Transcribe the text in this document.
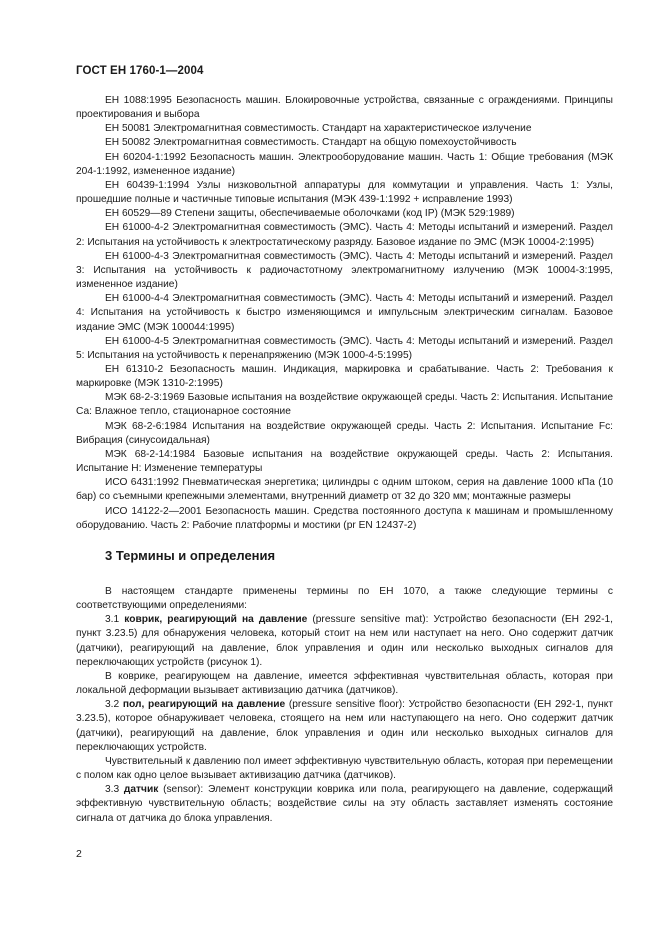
ГОСТ ЕН 1760-1—2004

ЕН 1088:1995 Безопасность машин. Блокировочные устройства, связанные с ограждениями. Принципы проектирования и выбора

ЕН 50081 Электромагнитная совместимость. Стандарт на характеристическое излучение

ЕН 50082 Электромагнитная совместимость. Стандарт на общую помехоустойчивость

ЕН 60204-1:1992 Безопасность машин. Электрооборудование машин. Часть 1: Общие требования (МЭК 204-1:1992, измененное издание)

ЕН 60439-1:1994 Узлы низковольтной аппаратуры для коммутации и управления. Часть 1: Узлы, прошедшие полные и частичные типовые испытания (МЭК 439-1:1992 + исправление 1993)

ЕН 60529—89 Степени защиты, обеспечиваемые оболочками (код IP) (МЭК 529:1989)

ЕН 61000-4-2 Электромагнитная совместимость (ЭМС). Часть 4: Методы испытаний и измерений. Раздел 2: Испытания на устойчивость к электростатическому разряду. Базовое издание по ЭМС (МЭК 10004-2:1995)

ЕН 61000-4-3 Электромагнитная совместимость (ЭМС). Часть 4: Методы испытаний и измерений. Раздел 3: Испытания на устойчивость к радиочастотному электромагнитному излучению (МЭК 10004-3:1995, измененное издание)

ЕН 61000-4-4 Электромагнитная совместимость (ЭМС). Часть 4: Методы испытаний и измерений. Раздел 4: Испытания на устойчивость к быстро изменяющимся и импульсным электрическим сигналам. Базовое издание ЭМС (МЭК 100044:1995)

ЕН 61000-4-5 Электромагнитная совместимость (ЭМС). Часть 4: Методы испытаний и измерений. Раздел 5: Испытания на устойчивость к перенапряжению (МЭК 1000-4-5:1995)

ЕН 61310-2 Безопасность машин. Индикация, маркировка и срабатывание. Часть 2: Требования к маркировке (МЭК 1310-2:1995)

МЭК 68-2-3:1969 Базовые испытания на воздействие окружающей среды. Часть 2: Испытания. Испытание Са: Влажное тепло, стационарное состояние

МЭК 68-2-6:1984 Испытания на воздействие окружающей среды. Часть 2: Испытания. Испытание Fc: Вибрация (синусоидальная)

МЭК 68-2-14:1984 Базовые испытания на воздействие окружающей среды. Часть 2: Испытания. Испытание Н: Изменение температуры

ИСО 6431:1992 Пневматическая энергетика; цилиндры с одним штоком, серия на давление 1000 кПа (10 бар) со съемными крепежными элементами, внутренний диаметр от 32 до 320 мм; монтажные размеры

ИСО 14122-2—2001 Безопасность машин. Средства постоянного доступа к машинам и промышленному оборудованию. Часть 2: Рабочие платформы и мостики (pr EN 12437-2)

3 Термины и определения

В настоящем стандарте применены термины по ЕН 1070, а также следующие термины с соответствующими определениями:

3.1 коврик, реагирующий на давление (pressure sensitive mat): Устройство безопасности (ЕН 292-1, пункт 3.23.5) для обнаружения человека, который стоит на нем или наступает на него. Оно содержит датчик (датчики), реагирующий на давление, блок управления и один или несколько выходных сигналов для переключающих устройств (рисунок 1).

В коврике, реагирующем на давление, имеется эффективная чувствительная область, которая при локальной деформации вызывает активизацию датчика (датчиков).

3.2 пол, реагирующий на давление (pressure sensitive floor): Устройство безопасности (ЕН 292-1, пункт 3.23.5), которое обнаруживает человека, стоящего на нем или наступающего на него. Оно содержит датчик (датчики), реагирующий на давление, блок управления и один или несколько выходных сигналов для переключающих устройств.

Чувствительный к давлению пол имеет эффективную чувствительную область, которая при перемещении с полом как одно целое вызывает активизацию датчика (датчиков).

3.3 датчик (sensor): Элемент конструкции коврика или пола, реагирующего на давление, содержащий эффективную чувствительную область; воздействие силы на эту область заставляет изменять состояние сигнала от датчика до блока управления.

2
